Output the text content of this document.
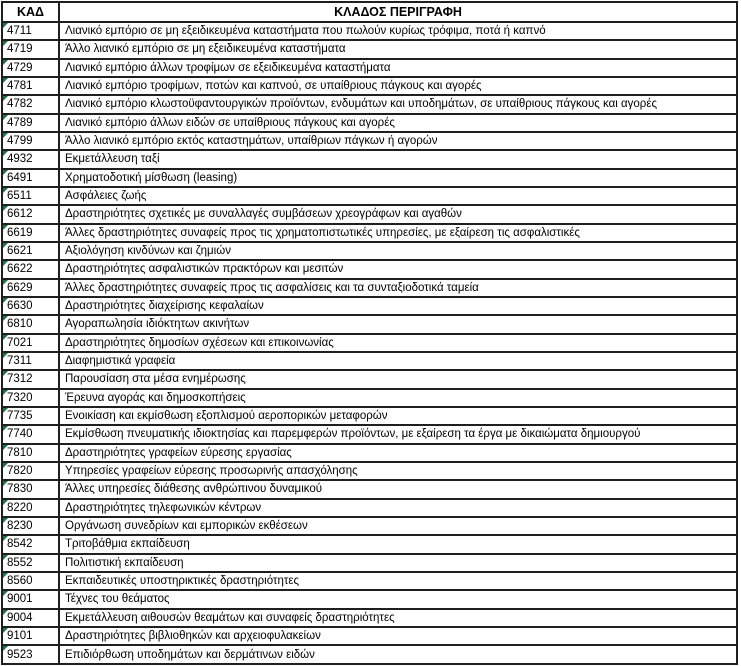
ΚΑΔ	ΚΛΑΔΟΣ ΠΕΡΙΓΡΑΦΗ

4711	Λιανικό εμπόριο σε μη εξειδικευμένα καταστήματα που πωλούν κυρίως τρόφιμα, ποτά ή καπνό

4719	Άλλο λιανικό εμπόριο σε μη εξειδικευμένα καταστήματα

4729	Λιανικό εμπόριο άλλων τροφίμων σε εξειδικευμένα καταστήματα

4781	Λιανικό εμπόριο τροφίμων, ποτών και καπνού, σε υπαίθριους πάγκους και αγορές

4782	Λιανικό εμπόριο κλωστοϋφαντουργικών προϊόντων, ενδυμάτων και υποδημάτων, σε υπαίθριους πάγκους και αγορές

4789	Λιανικό εμπόριο άλλων ειδών σε υπαίθριους πάγκους και αγορές

4799	Άλλο λιανικό εμπόριο εκτός καταστημάτων, υπαίθριων πάγκων ή αγορών

4932	Εκμετάλλευση ταξί

6491	Χρηματοδοτική μίσθωση (leasing)

6511	Ασφάλειες ζωής

6612	Δραστηριότητες σχετικές με συναλλαγές συμβάσεων χρεογράφων και αγαθών

6619	Άλλες δραστηριότητες συναφείς προς τις χρηματοπιστωτικές υπηρεσίες, με εξαίρεση τις ασφαλιστικές

6621	Αξιολόγηση κινδύνων και ζημιών

6622	Δραστηριότητες ασφαλιστικών πρακτόρων και μεσιτών

6629	Άλλες δραστηριότητες συναφείς προς τις ασφαλίσεις και τα συνταξιοδοτικά ταμεία

6630	Δραστηριότητες διαχείρισης κεφαλαίων

6810	Αγοραπωλησία ιδιόκτητων ακινήτων

7021	Δραστηριότητες δημοσίων σχέσεων και επικοινωνίας

7311	Διαφημιστικά γραφεία

7312	Παρουσίαση στα μέσα ενημέρωσης

7320	Έρευνα αγοράς και δημοσκοπήσεις

7735	Ενοικίαση και εκμίσθωση εξοπλισμού αεροπορικών μεταφορών

7740	Εκμίσθωση πνευματικής ιδιοκτησίας και παρεμφερών προϊόντων, με εξαίρεση τα έργα με δικαιώματα δημιουργού

7810	Δραστηριότητες γραφείων εύρεσης εργασίας

7820	Υπηρεσίες γραφείων εύρεσης προσωρινής απασχόλησης

7830	Άλλες υπηρεσίες διάθεσης ανθρώπινου δυναμικού

8220	Δραστηριότητες τηλεφωνικών κέντρων

8230	Οργάνωση συνεδρίων και εμπορικών εκθέσεων

8542	Τριτοβάθμια εκπαίδευση

8552	Πολιτιστική εκπαίδευση

8560	Εκπαιδευτικές υποστηρικτικές δραστηριότητες

9001	Τέχνες του θεάματος

9004	Εκμετάλλευση αιθουσών θεαμάτων και συναφείς δραστηριότητες

9101	Δραστηριότητες βιβλιοθηκών και αρχειοφυλακείων

9523	Επιδιόρθωση υποδημάτων και δερμάτινων ειδών
